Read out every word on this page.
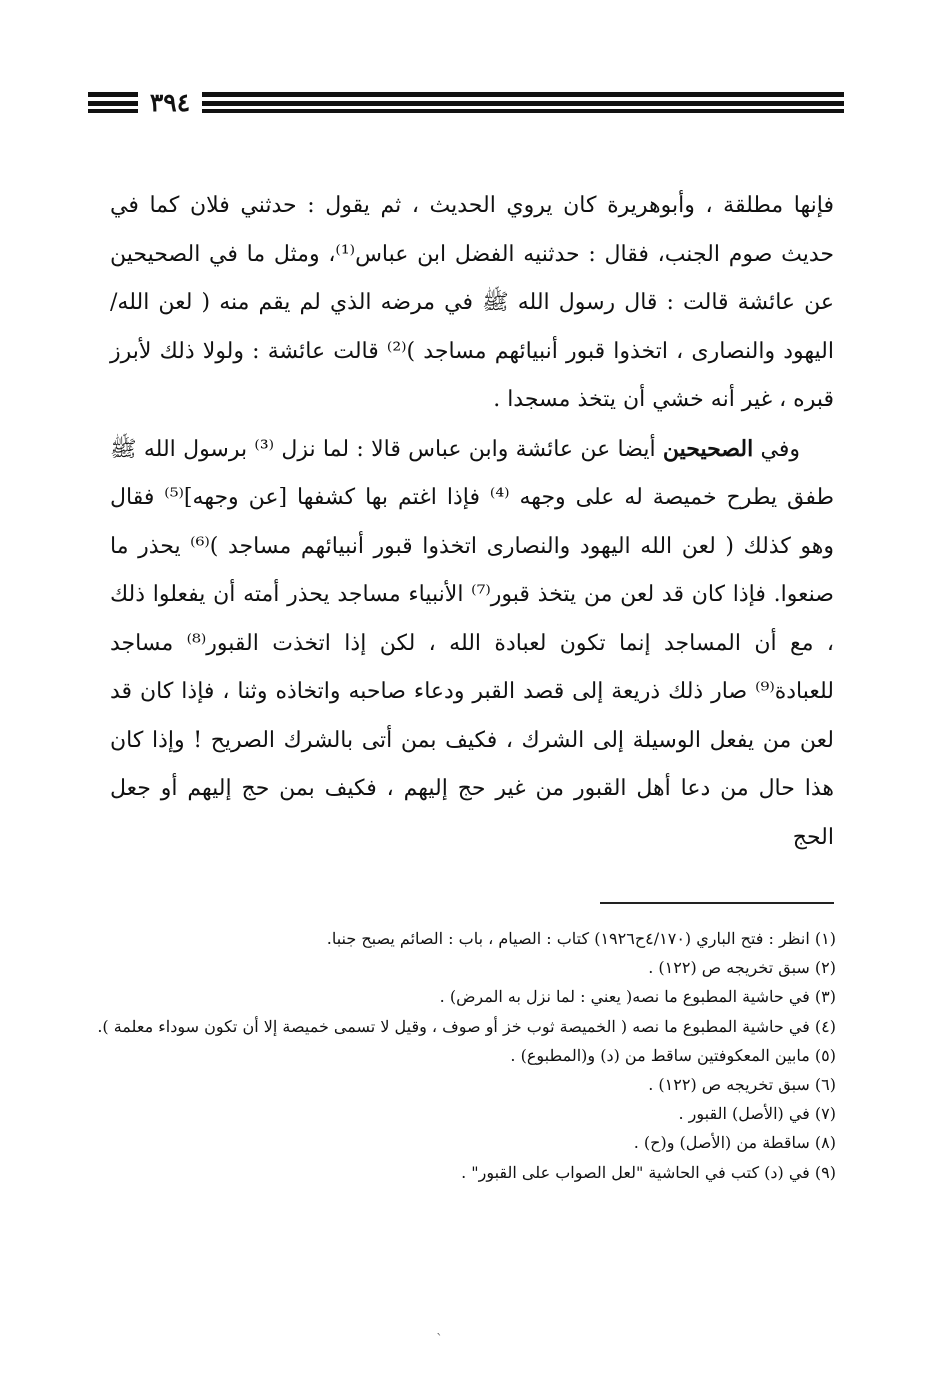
٣٩٤

فإنها مطلقة ، وأبوهريرة كان يروي الحديث ، ثم يقول : حدثني فلان كما في حديث صوم الجنب، فقال : حدثنيه الفضل ابن عباس⁽¹⁾، ومثل ما في الصحيحين عن عائشة قالت : قال رسول الله ﷺ في مرضه الذي لم يقم منه ( لعن الله/ اليهود والنصارى ، اتخذوا قبور أنبيائهم مساجد )⁽²⁾ قالت عائشة : ولولا ذلك لأبرز قبره ، غير أنه خشي أن يتخذ مسجدا .

وفي الصحيحين أيضا عن عائشة وابن عباس قالا : لما نزل ⁽³⁾ برسول الله ﷺ طفق يطرح خميصة له على وجهه ⁽⁴⁾ فإذا اغتم بها كشفها [عن وجهه]⁽⁵⁾ فقال وهو كذلك ( لعن الله اليهود والنصارى اتخذوا قبور أنبيائهم مساجد )⁽⁶⁾ يحذر ما صنعوا. فإذا كان قد لعن من يتخذ قبور⁽⁷⁾ الأنبياء مساجد يحذر أمته أن يفعلوا ذلك ، مع أن المساجد إنما تكون لعبادة الله ، لكن إذا اتخذت القبور⁽⁸⁾ مساجد للعبادة⁽⁹⁾ صار ذلك ذريعة إلى قصد القبر ودعاء صاحبه واتخاذه وثنا ، فإذا كان قد لعن من يفعل الوسيلة إلى الشرك ، فكيف بمن أتى بالشرك الصريح ! وإذا كان هذا حال من دعا أهل القبور من غير حج إليهم ، فكيف بمن حج إليهم أو جعل الحج

(١) انظر : فتح الباري (٤/١٧٠ح١٩٢٦) كتاب : الصيام ، باب : الصائم يصبح جنبا.

(٢) سبق تخريجه ص (١٢٢) .

(٣) في حاشية المطبوع ما نصه( يعني : لما نزل به المرض) .

(٤) في حاشية المطبوع ما نصه ( الخميصة ثوب خز أو صوف ، وقيل لا تسمى خميصة إلا أن تكون سوداء معلمة ).

(٥) مابين المعكوفتين ساقط من (د) و(المطبوع) .

(٦) سبق تخريجه ص (١٢٢) .

(٧) في (الأصل) القبور .

(٨) ساقطة من (الأصل) و(ح) .

(٩) في (د) كتب في الحاشية "لعل الصواب على القبور" .

ˋ
